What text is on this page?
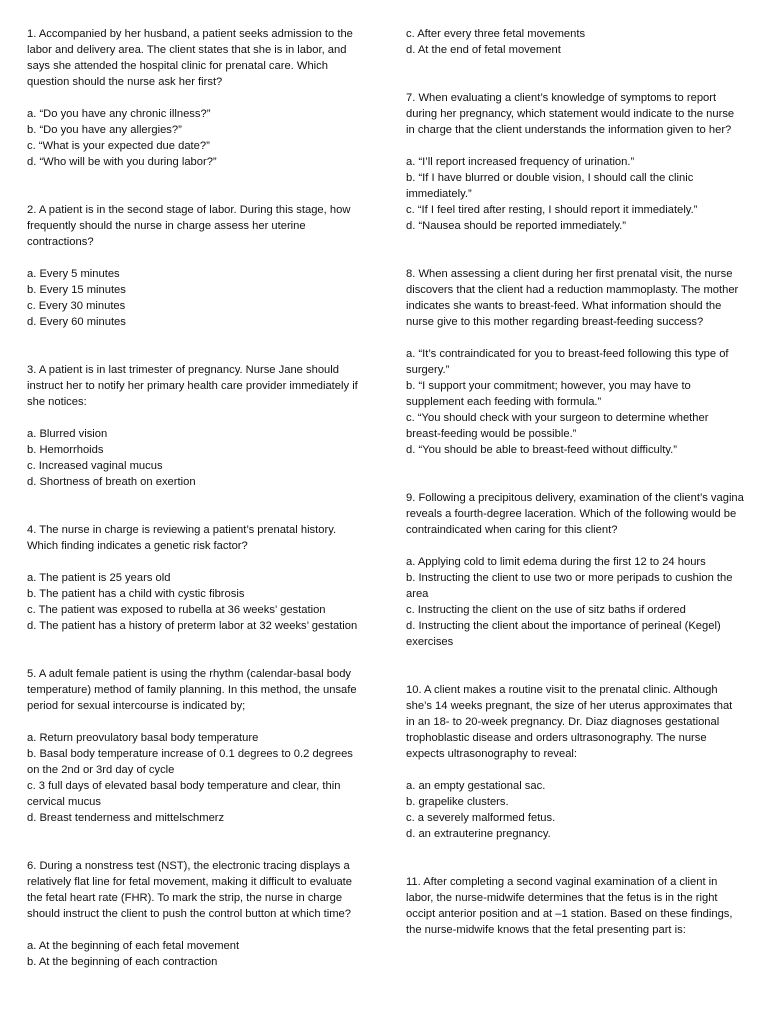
1. Accompanied by her husband, a patient seeks admission to the labor and delivery area. The client states that she is in labor, and says she attended the hospital clinic for prenatal care. Which question should the nurse ask her first?

a. “Do you have any chronic illness?”
b. “Do you have any allergies?”
c. “What is your expected due date?”
d. “Who will be with you during labor?”

2. A patient is in the second stage of labor. During this stage, how frequently should the nurse in charge assess her uterine contractions?

a. Every 5 minutes
b. Every 15 minutes
c. Every 30 minutes
d. Every 60 minutes

3. A patient is in last trimester of pregnancy. Nurse Jane should instruct her to notify her primary health care provider immediately if she notices:

a. Blurred vision
b. Hemorrhoids
c. Increased vaginal mucus
d. Shortness of breath on exertion

4. The nurse in charge is reviewing a patient’s prenatal history. Which finding indicates a genetic risk factor?

a. The patient is 25 years old
b. The patient has a child with cystic fibrosis
c. The patient was exposed to rubella at 36 weeks’ gestation
d. The patient has a history of preterm labor at 32 weeks’ gestation

5. A adult female patient is using the rhythm (calendar-basal body temperature) method of family planning. In this method, the unsafe period for sexual intercourse is indicated by;

a. Return preovulatory basal body temperature
b. Basal body temperature increase of 0.1 degrees to 0.2 degrees on the 2nd or 3rd day of cycle
c. 3 full days of elevated basal body temperature and clear, thin cervical mucus
d. Breast tenderness and mittelschmerz

6. During a nonstress test (NST), the electronic tracing displays a relatively flat line for fetal movement, making it difficult to evaluate the fetal heart rate (FHR). To mark the strip, the nurse in charge should instruct the client to push the control button at which time?

a. At the beginning of each fetal movement
b. At the beginning of each contraction
c. After every three fetal movements
d. At the end of fetal movement

7. When evaluating a client’s knowledge of symptoms to report during her pregnancy, which statement would indicate to the nurse in charge that the client understands the information given to her?

a. “I’ll report increased frequency of urination.”
b. “If I have blurred or double vision, I should call the clinic immediately.”
c. “If I feel tired after resting, I should report it immediately.”
d. “Nausea should be reported immediately.”

8. When assessing a client during her first prenatal visit, the nurse discovers that the client had a reduction mammoplasty. The mother indicates she wants to breast-feed. What information should the nurse give to this mother regarding breast-feeding success?

a. “It’s contraindicated for you to breast-feed following this type of surgery.”
b. “I support your commitment; however, you may have to supplement each feeding with formula.”
c. “You should check with your surgeon to determine whether breast-feeding would be possible.”
d. “You should be able to breast-feed without difficulty.”

9. Following a precipitous delivery, examination of the client’s vagina reveals a fourth-degree laceration. Which of the following would be contraindicated when caring for this client?

a. Applying cold to limit edema during the first 12 to 24 hours
b. Instructing the client to use two or more peripads to cushion the area
c. Instructing the client on the use of sitz baths if ordered
d. Instructing the client about the importance of perineal (Kegel) exercises

10. A client makes a routine visit to the prenatal clinic. Although she’s 14 weeks pregnant, the size of her uterus approximates that in an 18- to 20-week pregnancy. Dr. Diaz diagnoses gestational trophoblastic disease and orders ultrasonography. The nurse expects ultrasonography to reveal:

a. an empty gestational sac.
b. grapelike clusters.
c. a severely malformed fetus.
d. an extrauterine pregnancy.

11. After completing a second vaginal examination of a client in labor, the nurse-midwife determines that the fetus is in the right occipt anterior position and at –1 station. Based on these findings, the nurse-midwife knows that the fetal presenting part is:
